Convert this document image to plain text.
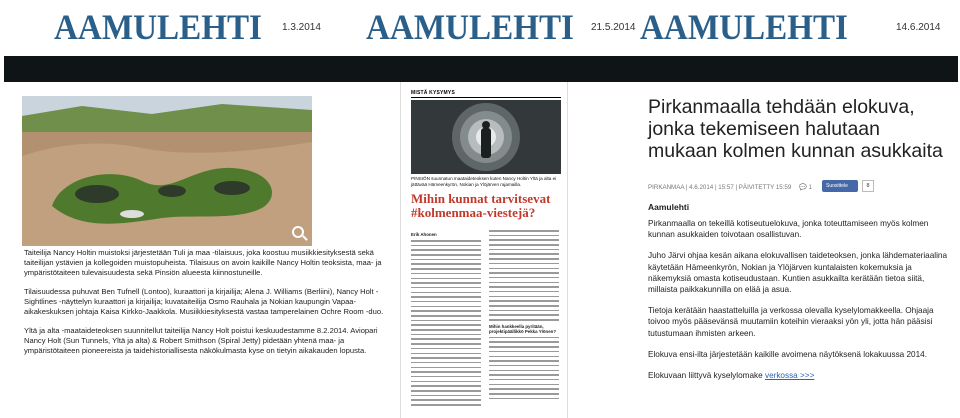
AAMULEHTI 1.3.2014 AAMULEHTI 21.5.2014 AAMULEHTI	14.6.2014

Taiteilija Nancy Holtin muistoksi järjestetään Tuli ja maa -tilaisuus, joka koostuu musiikkiesityksestä sekä taiteilijan ystävien ja kollegoiden muistopuheista. Tilaisuus on avoin kaikille Nancy Holtin teoksista, maa- ja ympäristötaiteen tulevaisuudesta sekä Pinsiön alueesta kiinnostuneille.

Tilaisuudessa puhuvat Ben Tufnell (Lontoo), kuraattori ja kirjailija; Alena J. Williams (Berliini), Nancy Holt - Sightlines -näyttelyn kuraattori ja kirjailija; kuvataiteilija Osmo Rauhala ja Nokian kaupungin Vapaa-aikakeskuksen johtaja Kaisa Kirkko-Jaakkola. Musiikkiesityksestä vastaa tamperelainen Ochre Room -duo.

Yltä ja alta -maataideteoksen suunnitellut taiteilija Nancy Holt poistui keskuudestamme 8.2.2014. Aviopari Nancy Holt (Sun Tunnels, Yltä ja alta) & Robert Smithson (Spiral Jetty) pidetään yhtenä maa- ja ympäristötaiteen pioneereista ja taidehistoriallisesta näkökulmasta kyse on tietyin aikakauden lopusta.

MISTÄ KYSYMYS
PINSIÖN suunnatun maataideteoksen kuten Nancy Holtin Yltä ja alta ei jättävää Hämeenkyrön, Nokian ja Ylöjärven rajamailla.
Mihin kunnat tarvitsevat #kolmenmaa-viestejä?
Erik Ahonen
Mihin hankkeella pyritään, projektipäällikkö Pekka Ylönen?
Pirkanmaalla tehdään elokuva, jonka tekemiseen halutaan mukaan kolmen kunnan asukkaita
PIRKANMAA | 4.6.2014 | 15:57 | PÄIVITETTY 15:59 💬 1	Suosittele	8
Aamulehti

Pirkanmaalla on tekeillä kotiseutuelokuva, jonka toteuttamiseen myös kolmen kunnan asukkaiden toivotaan osallistuvan.

Juho Järvi ohjaa kesän aikana elokuvallisen taideteoksen, jonka lähdemateriaalina käytetään Hämeenkyrön, Nokian ja Ylöjärven kuntalaisten kokemuksia ja näkemyksiä omasta kotiseudustaan. Kuntien asukkailta kerätään tietoa siitä, millaista paikkakunnilla on elää ja asua.

Tietoja kerätään haastatteluilla ja verkossa olevalla kyselylomakkeella. Ohjaaja toivoo myös pääsevänsä muutamiin koteihin vieraaksi yön yli, jotta hän pääsisi tutustumaan ihmisten arkeen.

Elokuva ensi-ilta järjestetään kaikille avoimena näytöksenä lokakuussa 2014.

Elokuvaan liittyvä kyselylomake verkossa >>>
